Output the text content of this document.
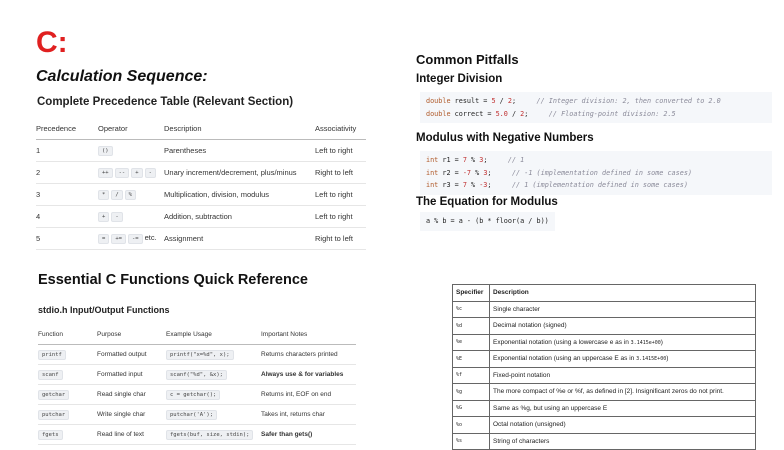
C:
Calculation Sequence:
Complete Precedence Table (Relevant Section)
Precedence	Operator	Description	Associativity
1	()	Parentheses	Left to right
2	++ -- + -	Unary increment/decrement, plus/minus	Right to left
3	* / %	Multiplication, division, modulus	Left to right
4	+ -	Addition, subtraction	Left to right
5	= += -= etc.	Assignment	Right to left
Essential C Functions Quick Reference
stdio.h Input/Output Functions
Function	Purpose	Example Usage	Important Notes
printf	Formatted output	printf("x=%d", x);	Returns characters printed
scanf	Formatted input	scanf("%d", &x);	Always use & for variables
getchar	Read single char	c = getchar();	Returns int, EOF on end
putchar	Write single char	putchar('A');	Takes int, returns char
fgets	Read line of text	fgets(buf, size, stdin);	Safer than gets()
Common Pitfalls
Integer Division
double result = 5 / 2;	// Integer division: 2, then converted to 2.0
double correct = 5.0 / 2;	// Floating-point division: 2.5
Modulus with Negative Numbers
int r1 = 7 % 3;	// 1
int r2 = -7 % 3;	// -1 (implementation defined in some cases)
int r3 = 7 % -3;	// 1 (implementation defined in some cases)
The Equation for Modulus
a % b = a - (b * floor(a / b))
Specifier	Description
%c	Single character
%d	Decimal notation (signed)
%e	Exponential notation (using a lowercase e as in 3.1415e+00)
%E	Exponential notation (using an uppercase E as in 3.1415E+00)
%f	Fixed-point notation
%g	The more compact of %e or %f, as defined in [2]. Insignificant zeros do not print.
%G	Same as %g, but using an uppercase E
%o	Octal notation (unsigned)
%s	String of characters
